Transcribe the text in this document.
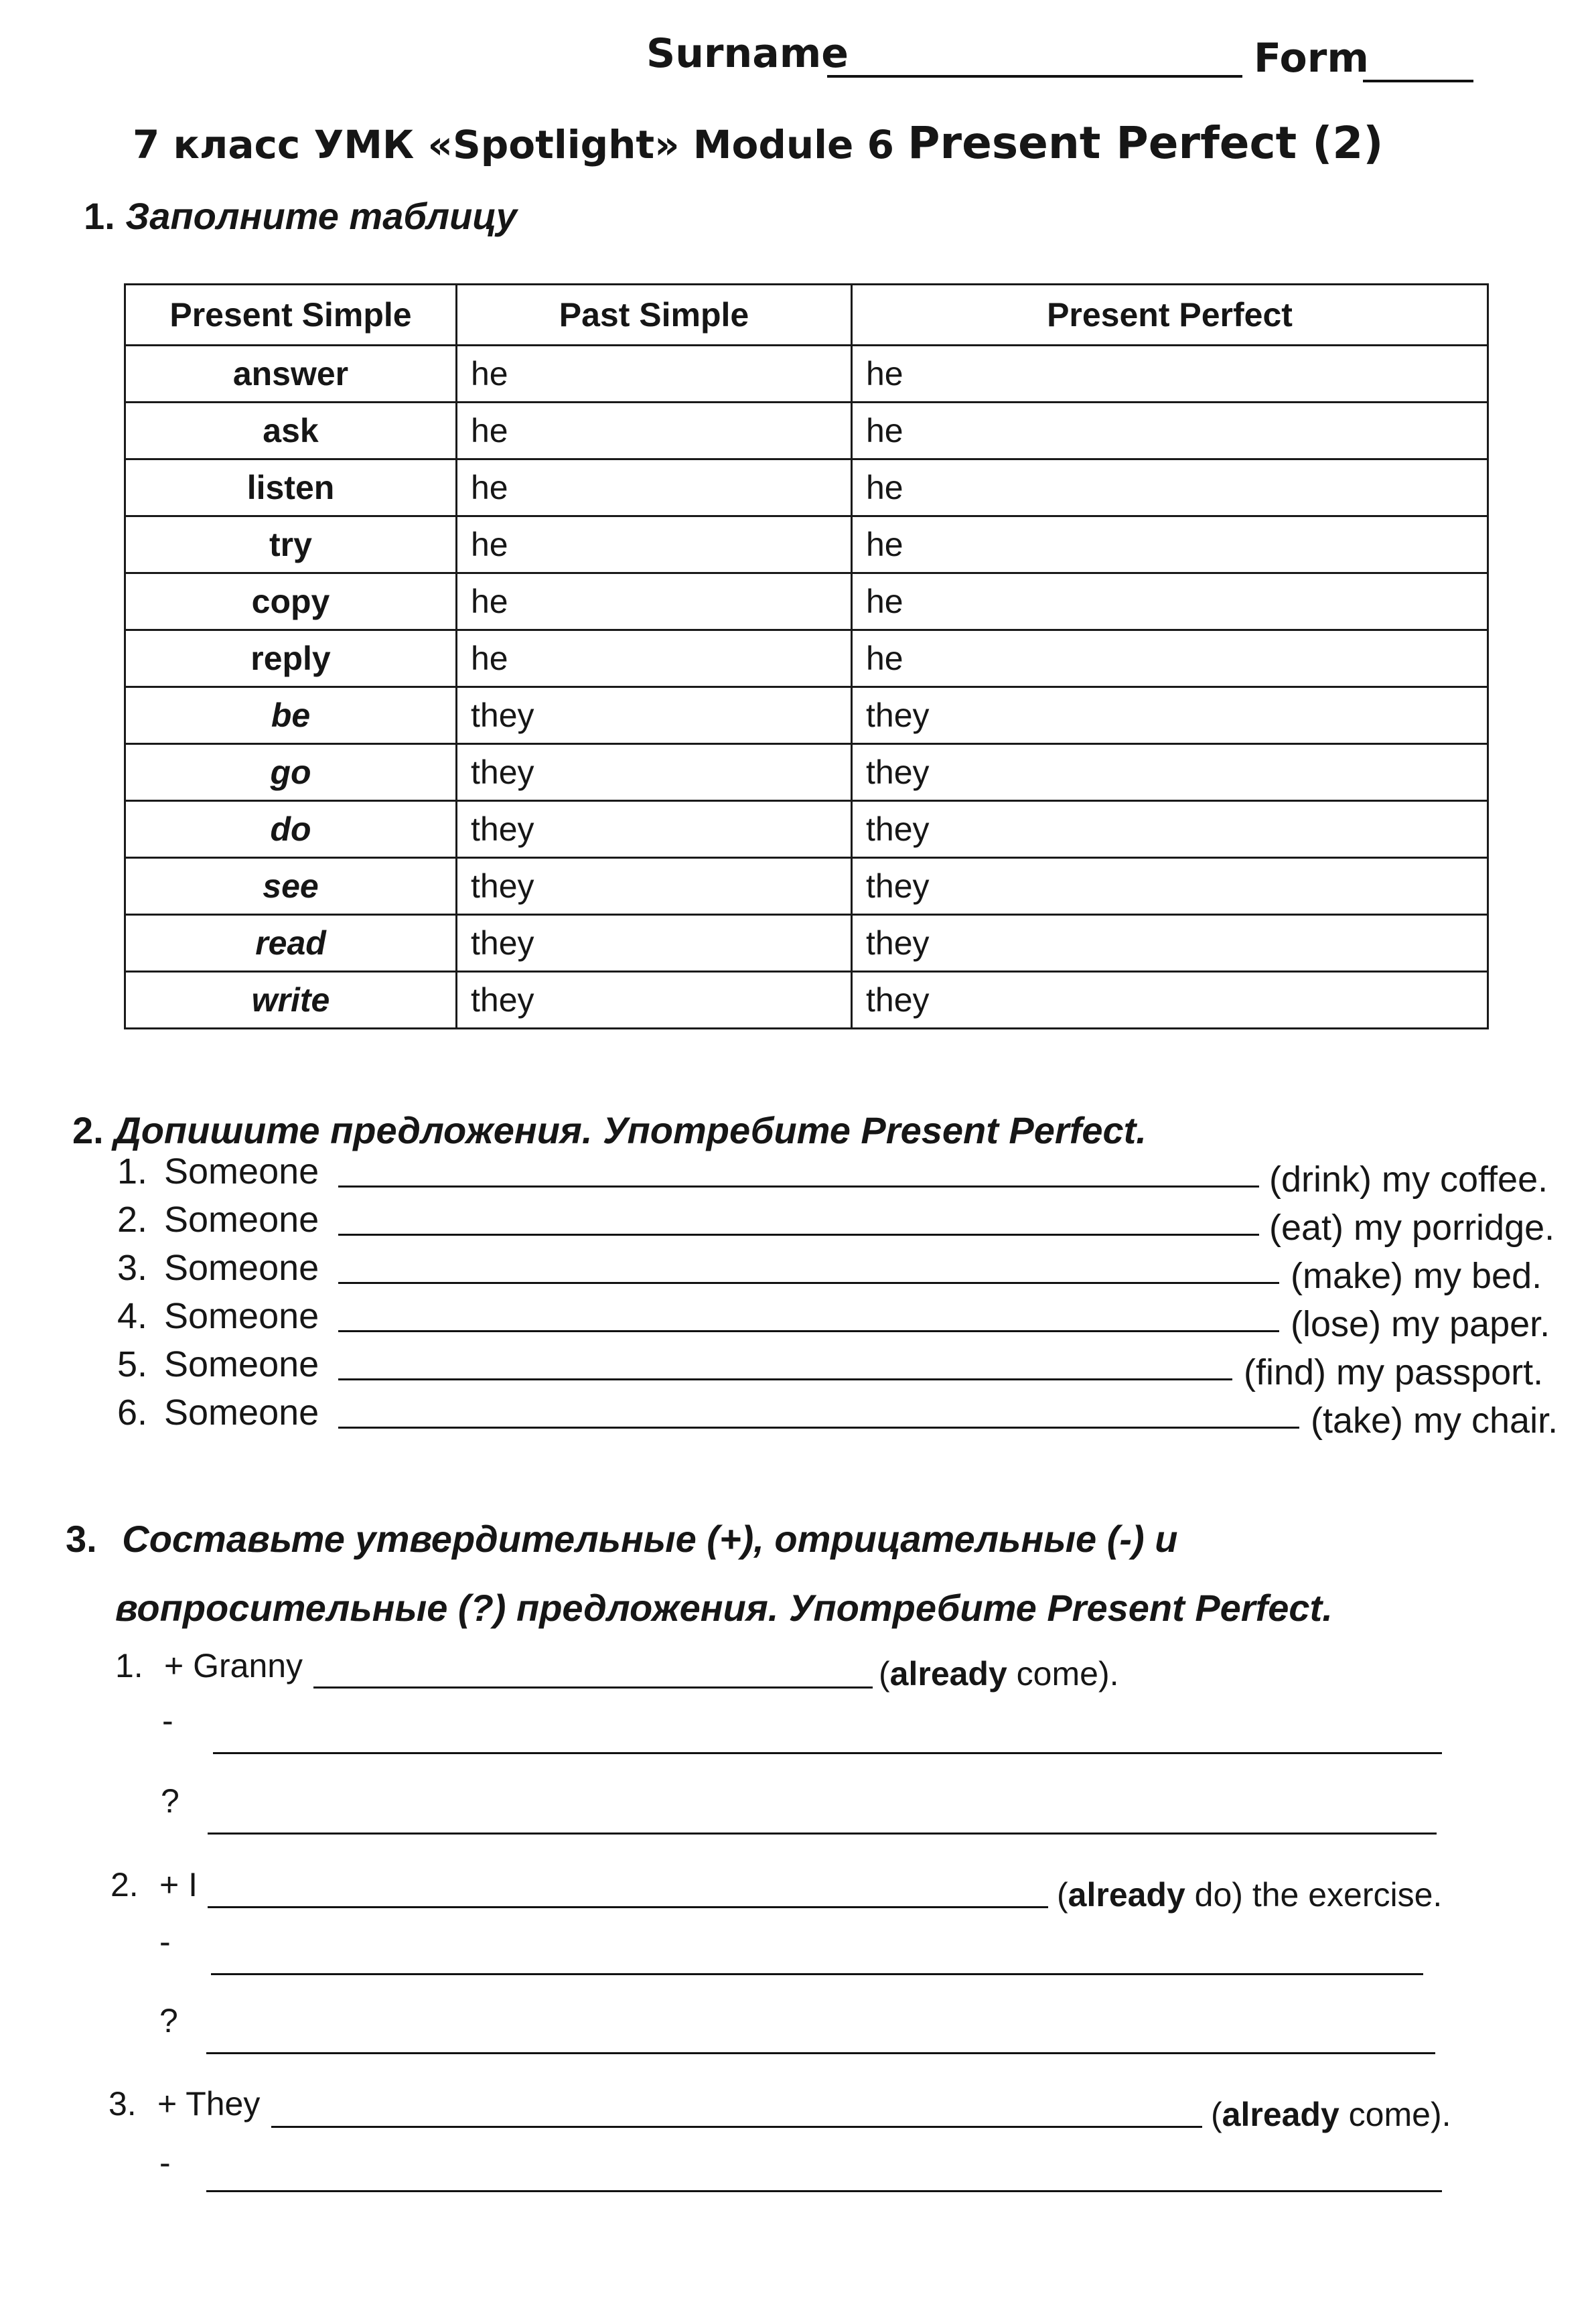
Surname	Form
7 класс УМК «Spotlight» Module 6 Present Perfect (2)
1. Заполните таблицу
Present Simple	Past Simple	Present Perfect
answer	he	he
ask	he	he
listen	he	he
try	he	he
copy	he	he
reply	he	he
be	they	they
go	they	they
do	they	they
see	they	they
read	they	they
write	they	they
2. Допишите предложения. Употребите Present Perfect.
1. Someone	(drink) my coffee.
2. Someone	(eat) my porridge.
3. Someone	(make) my bed.
4. Someone	(lose) my paper.
5. Someone	(find) my passport.
6. Someone	(take) my chair.
3. Составьте утвердительные (+), отрицательные (-) и
вопросительные (?) предложения. Употребите Present Perfect.
1. + Granny	(already come).
-
?
2. + I	(already do) the exercise.
-
?
3. + They	(already come).
-
